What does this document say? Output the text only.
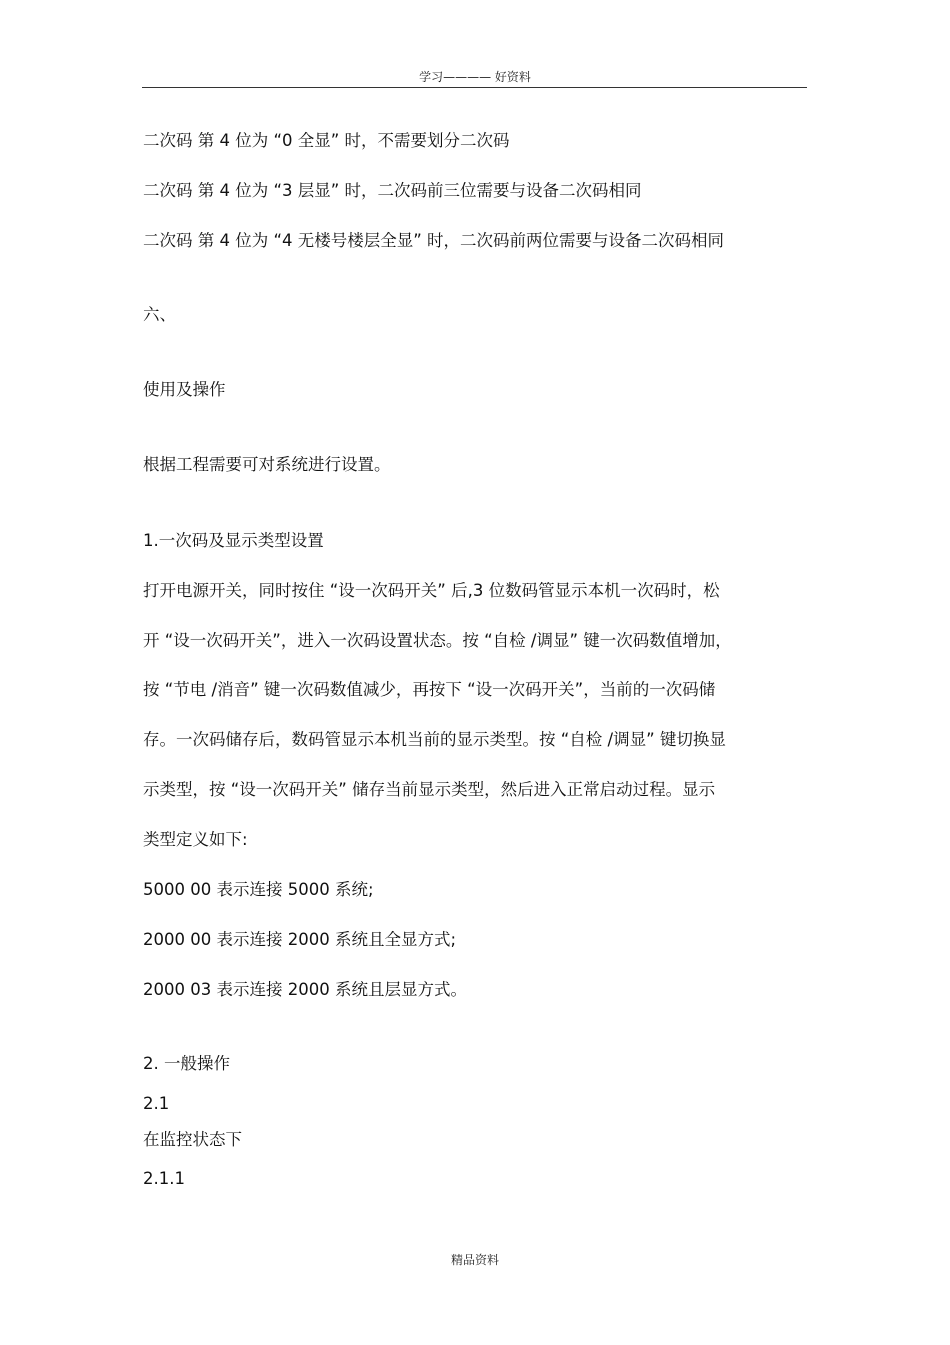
学习———— 好资料
二次码 第 4 位为 “0 全显” 时，不需要划分二次码
二次码 第 4 位为 “3 层显” 时，二次码前三位需要与设备二次码相同
二次码 第 4 位为 “4 无楼号楼层全显” 时，二次码前两位需要与设备二次码相同
六、
使用及操作
根据工程需要可对系统进行设置。
1.一次码及显示类型设置
打开电源开关，同时按住 “设一次码开关” 后,3 位数码管显示本机一次码时，松
开 “设一次码开关”，进入一次码设置状态。按 “自检 /调显” 键一次码数值增加，
按 “节电 /消音” 键一次码数值减少，再按下 “设一次码开关”，当前的一次码储
存。一次码储存后，数码管显示本机当前的显示类型。按 “自检 /调显” 键切换显
示类型，按 “设一次码开关” 储存当前显示类型，然后进入正常启动过程。显示
类型定义如下:
5000 00 表示连接 5000 系统;
2000 00 表示连接 2000 系统且全显方式;
2000 03 表示连接 2000 系统且层显方式。
2. 一般操作
2.1
在监控状态下
2.1.1
精品资料
